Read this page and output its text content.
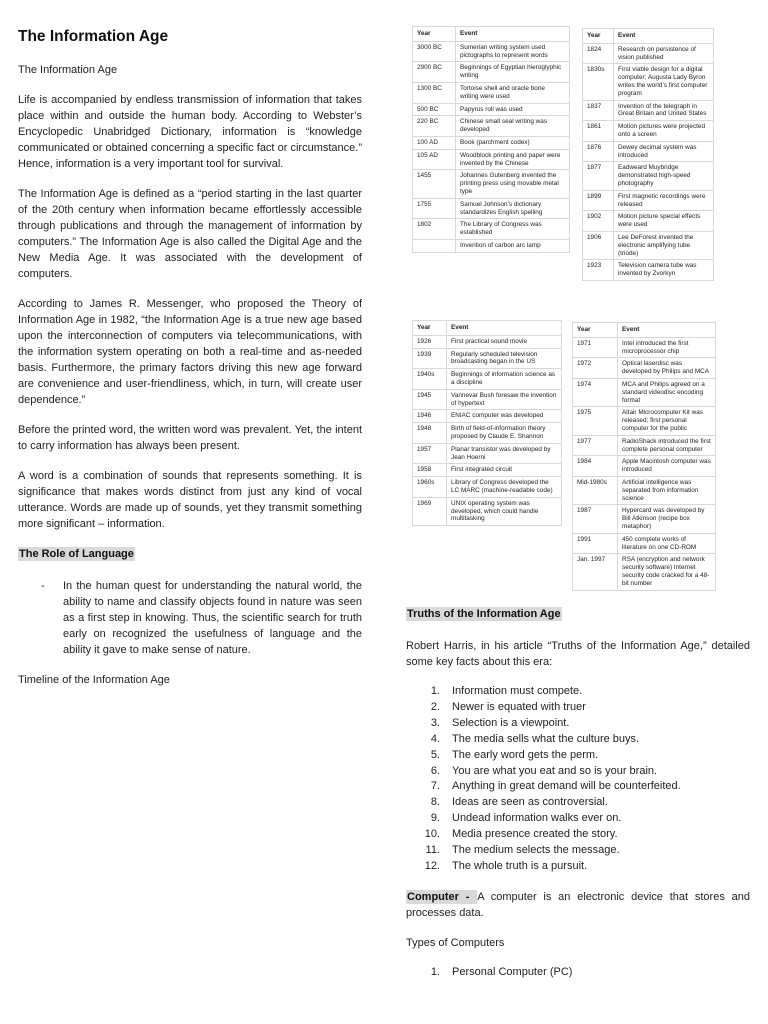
The Information Age

The Information Age

Life is accompanied by endless transmission of information that takes place within and outside the human body. According to Webster’s Encyclopedic Unabridged Dictionary, information is “knowledge communicated or obtained concerning a specific fact or circumstance.” Hence, information is a very important tool for survival.

The Information Age is defined as a “period starting in the last quarter of the 20th century when information became effortlessly accessible through publications and through the management of information by computers.” The Information Age is also called the Digital Age and the New Media Age. It was associated with the development of computers.

According to James R. Messenger, who proposed the Theory of Information Age in 1982, “the Information Age is a true new age based upon the interconnection of computers via telecommunications, with the information system operating on both a real-time and as-needed basis. Furthermore, the primary factors driving this new age forward are convenience and user-friendliness, which, in turn, will create user dependence.”

Before the printed word, the written word was prevalent. Yet, the intent to carry information has always been present.

A word is a combination of sounds that represents something. It is significance that makes words distinct from just any kind of vocal utterance. Words are made up of sounds, yet they transmit something more significant – information.

The Role of Language

- In the human quest for understanding the natural world, the ability to name and classify objects found in nature was seen as a first step in knowing. Thus, the scientific search for truth early on recognized the usefulness of language and the ability it gave to make sense of nature.

Timeline of the Information Age

Year	Event
3000 BC	Sumerian writing system used pictographs to represent words
2900 BC	Beginnings of Egyptian hieroglyphic writing
1300 BC	Tortoise shell and oracle bone writing were used
500 BC	Papyrus roll was used
220 BC	Chinese small seal writing was developed
100 AD	Book (parchment codex)
105 AD	Woodblock printing and paper were invented by the Chinese
1455	Johannes Gutenberg invented the printing press using movable metal type
1755	Samuel Johnson’s dictionary standardizes English spelling
1802	The Library of Congress was established
	Invention of carbon arc lamp
Year	Event
1824	Research on persistence of vision published
1830s	First viable design for a digital computer; Augusta Lady Byron writes the world’s first computer program
1837	Invention of the telegraph in Great Britain and United States
1861	Motion pictures were projected onto a screen
1876	Dewey decimal system was introduced
1877	Eadweard Muybridge demonstrated high-speed photography
1899	First magnetic recordings were released
1902	Motion picture special effects were used
1906	Lee DeForest invented the electronic amplifying tube (triode)
1923	Television camera tube was invented by Zvorkyn
Year	Event
1926	First practical sound movie
1939	Regularly scheduled television broadcasting began in the US
1940s	Beginnings of information science as a discipline
1945	Vannevar Bush foresaw the invention of hypertext
1946	ENIAC computer was developed
1948	Birth of field-of-information theory proposed by Claude E. Shannon
1957	Planar transistor was developed by Jean Hoerni
1958	First integrated circuit
1960s	Library of Congress developed the LC MARC (machine-readable code)
1969	UNIX operating system was developed, which could handle multitasking
Year	Event
1971	Intel introduced the first microprocessor chip
1972	Optical laserdisc was developed by Philips and MCA
1974	MCA and Philips agreed on a standard videodisc encoding format
1975	Altair Microcomputer Kit was released; first personal computer for the public
1977	RadioShack introduced the first complete personal computer
1984	Apple Macintosh computer was introduced
Mid-1980s	Artificial intelligence was separated from information science
1987	Hypercard was developed by Bill Atkinson (recipe box metaphor)
1991	450 complete works of literature on one CD-ROM
Jan. 1997	RSA (encryption and network security software) Internet security code cracked for a 48-bit number

Truths of the Information Age

Robert Harris, in his article “Truths of the Information Age,” detailed some key facts about this era:

1. Information must compete.
2. Newer is equated with truer
3. Selection is a viewpoint.
4. The media sells what the culture buys.
5. The early word gets the perm.
6. You are what you eat and so is your brain.
7. Anything in great demand will be counterfeited.
8. Ideas are seen as controversial.
9. Undead information walks ever on.
10. Media presence created the story.
11. The medium selects the message.
12. The whole truth is a pursuit.

Computer - A computer is an electronic device that stores and processes data.

Types of Computers

1. Personal Computer (PC)
